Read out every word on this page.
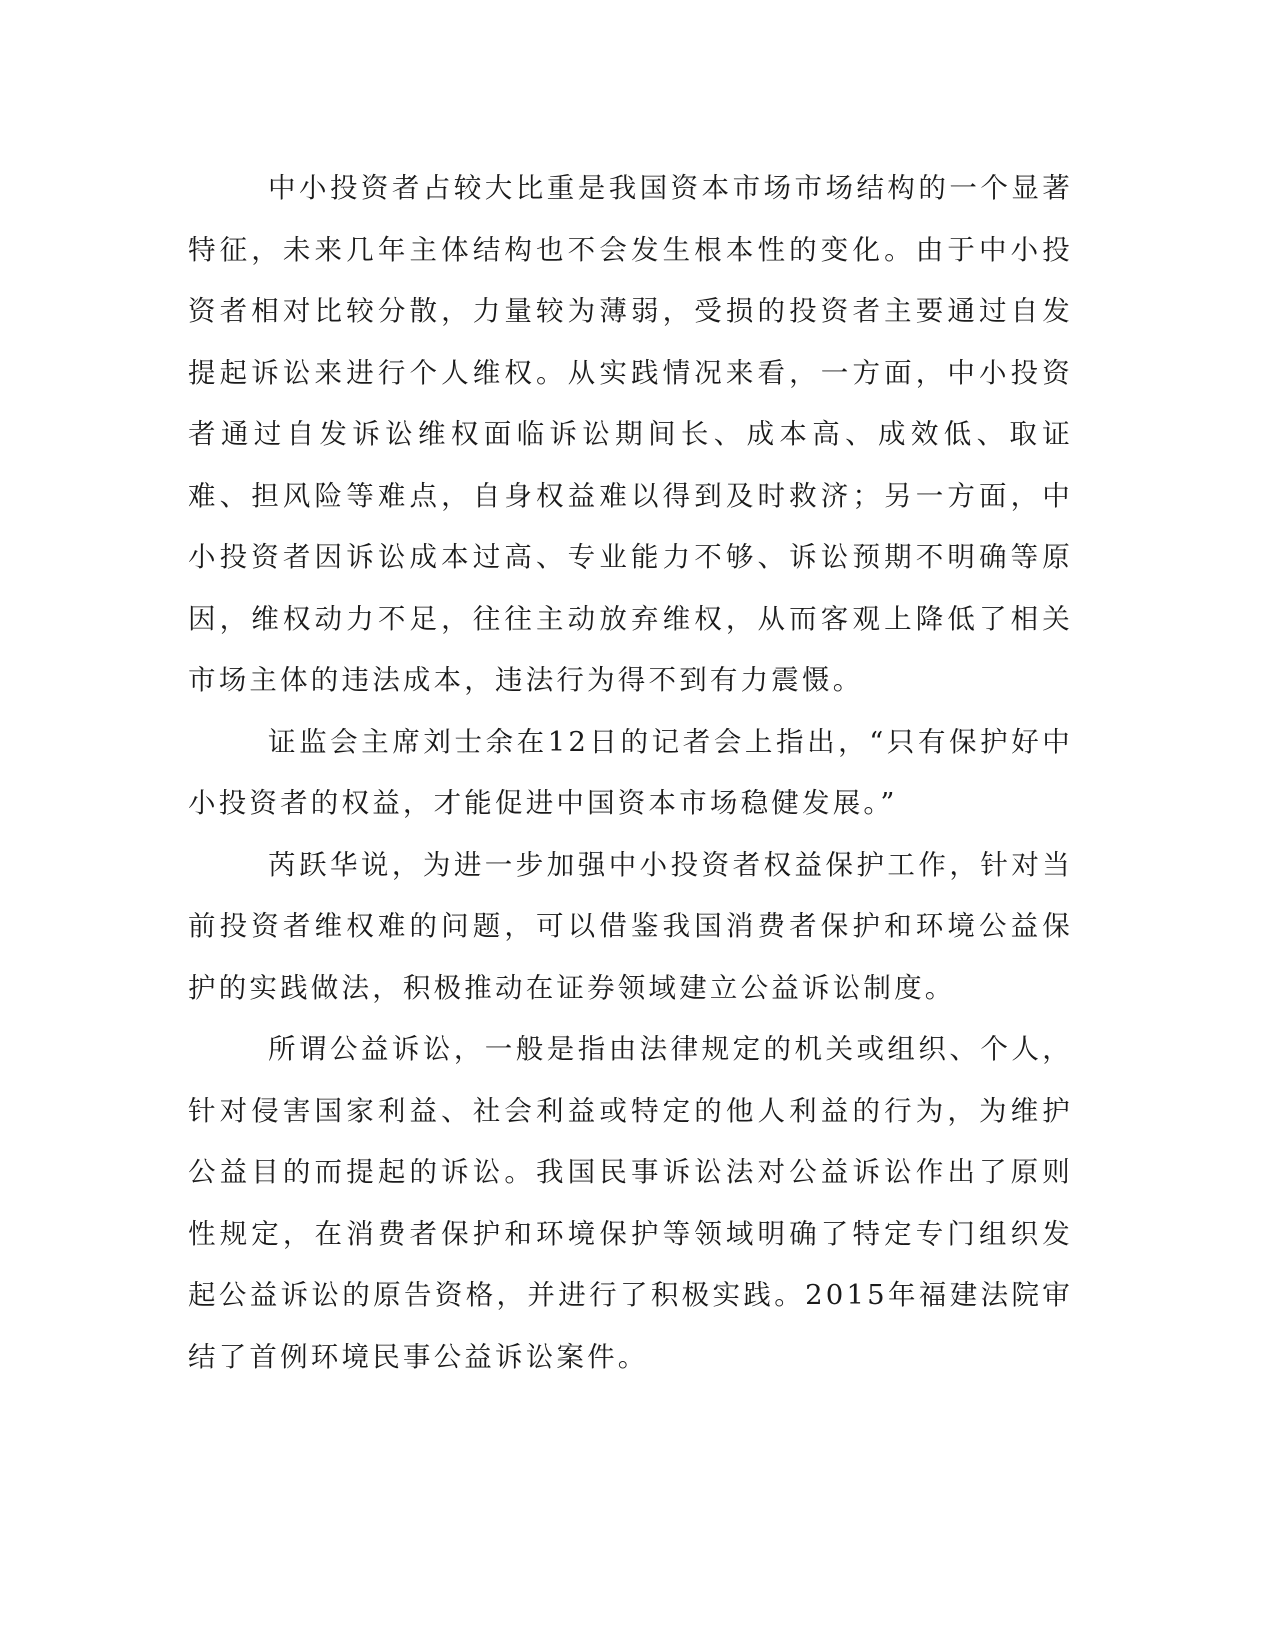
中小投资者占较大比重是我国资本市场市场结构的一个显著特征，未来几年主体结构也不会发生根本性的变化。由于中小投资者相对比较分散，力量较为薄弱，受损的投资者主要通过自发提起诉讼来进行个人维权。从实践情况来看，一方面，中小投资者通过自发诉讼维权面临诉讼期间长、成本高、成效低、取证难、担风险等难点，自身权益难以得到及时救济；另一方面，中小投资者因诉讼成本过高、专业能力不够、诉讼预期不明确等原因，维权动力不足，往往主动放弃维权，从而客观上降低了相关市场主体的违法成本，违法行为得不到有力震慑。

证监会主席刘士余在12日的记者会上指出，“只有保护好中小投资者的权益，才能促进中国资本市场稳健发展。”

芮跃华说，为进一步加强中小投资者权益保护工作，针对当前投资者维权难的问题，可以借鉴我国消费者保护和环境公益保护的实践做法，积极推动在证券领域建立公益诉讼制度。

所谓公益诉讼，一般是指由法律规定的机关或组织、个人，针对侵害国家利益、社会利益或特定的他人利益的行为，为维护公益目的而提起的诉讼。我国民事诉讼法对公益诉讼作出了原则性规定，在消费者保护和环境保护等领域明确了特定专门组织发起公益诉讼的原告资格，并进行了积极实践。2015年福建法院审结了首例环境民事公益诉讼案件。
